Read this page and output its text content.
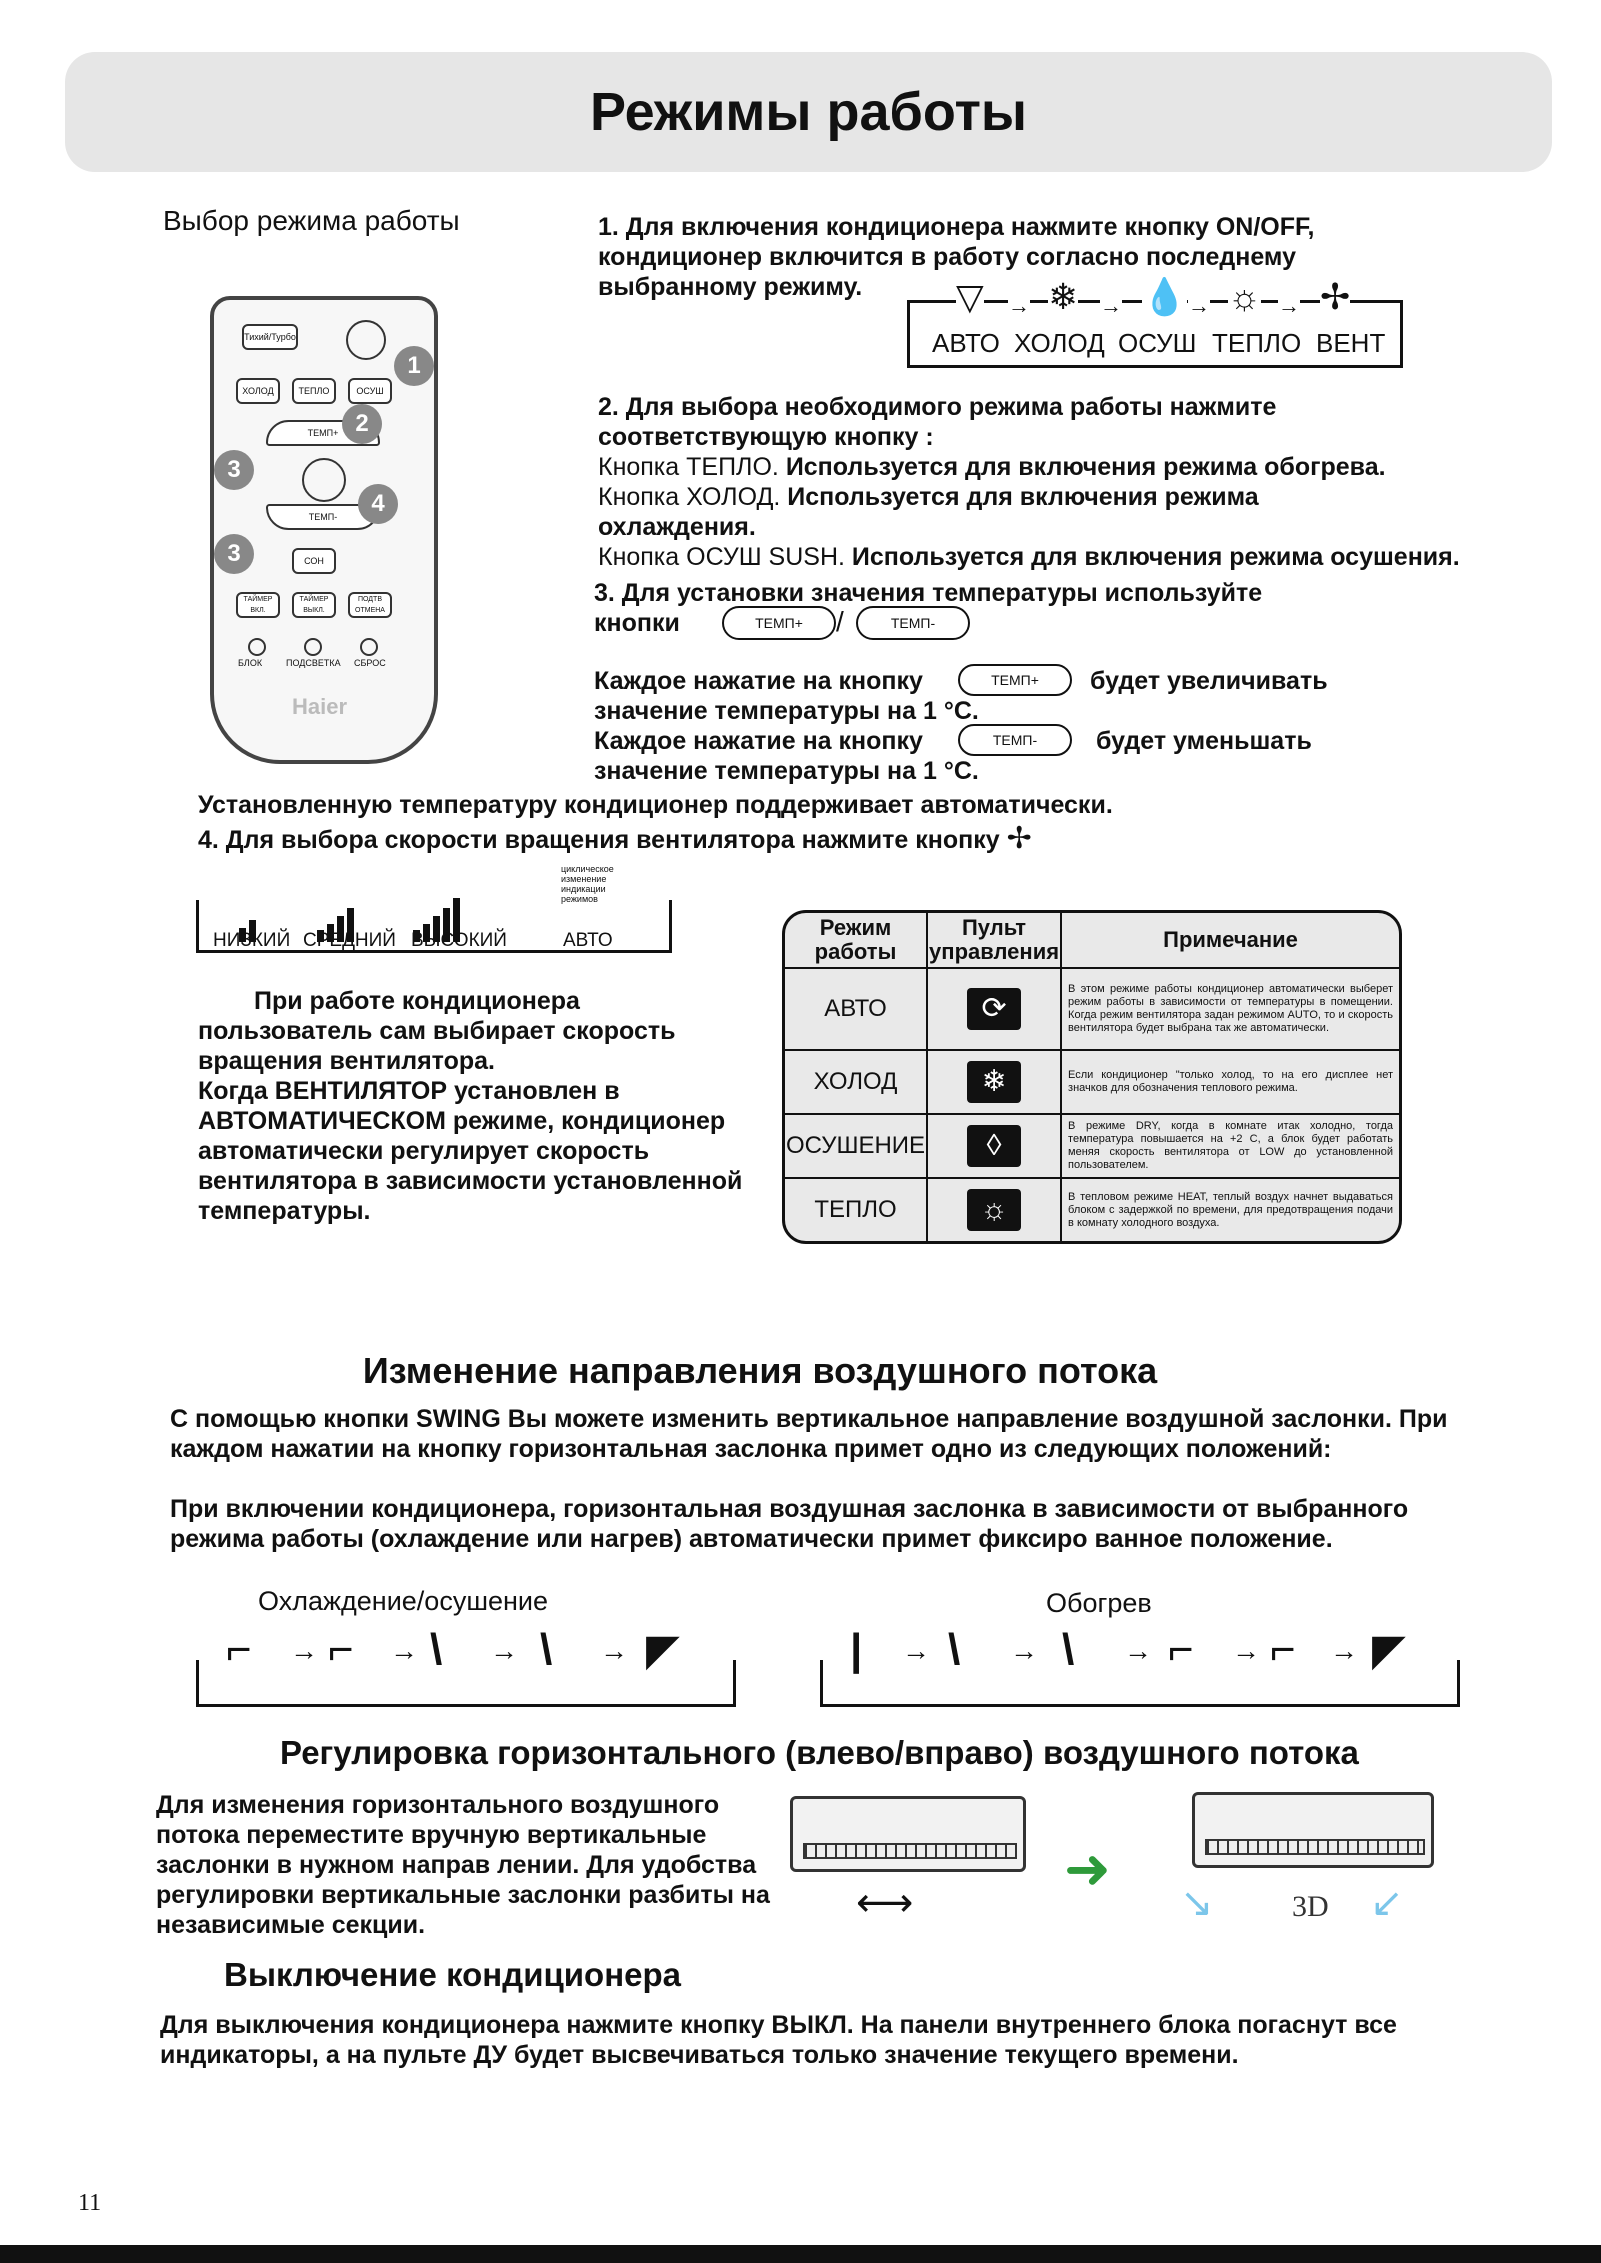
Режимы работы
Выбор режима работы
Тихий/Турбо
ХОЛОД	ТЕПЛО	ОСУШ
ТЕМП+
ТЕМП-
СОН
ТАЙМЕР ВКЛ.
ТАЙМЕР ВЫКЛ.
ПОДТВ ОТМЕНА
БЛОК	ПОДСВЕТКА СБРОС
Haier
1
2
3
4
3
1. Для включения кондиционера нажмите кнопку ON/OFF, кондиционер включится в работу согласно последнему выбранному режиму.	▽ → ❄ → 💧 → ☼ → ✢
АВТО ХОЛОД ОСУШ ТЕПЛО ВЕНТ
2. Для выбора необходимого режима работы нажмите соответствующую кнопку :
Кнопка ТЕПЛО. Используется для включения режима обогрева.
Кнопка ХОЛОД. Используется для включения режима охлаждения.
Кнопка ОСУШ SUSH. Используется для включения режима осушения.
3. Для установки значения температуры используйте кнопки	ТЕМП+	/	ТЕМП-
Каждое нажатие на кнопку	ТЕМП+	будет увеличивать значение температуры на 1 °C.
Каждое нажатие на кнопку	ТЕМП-	будет уменьшать значение температуры на 1 °C.
Установленную температуру кондиционер поддерживает автоматически.
4. Для выбора скорости вращения вентилятора нажмите кнопку ✢
циклическое изменение индикации режимов
НИЗКИЙ СРЕДНИЙ ВЫСОКИЙ	АВТО
При работе кондиционера пользователь сам выбирает скорость вращения вентилятора.
Когда ВЕНТИЛЯТОР установлен в АВТОМАТИЧЕСКОМ режиме, кондиционер автоматически регулирует скорость вентилятора в зависимости установленной температуры.
Режим работы	Пульт управления	Примечание
АВТО	⟳	В этом режиме работы кондиционер автоматически выберет режим работы в зависимости от температуры в помещении. Когда режим вентилятора задан режимом AUTO, то и скорость вентилятора будет выбрана так же автоматически.
ХОЛОД	❄	Если кондиционер "только холод, то на его дисплее нет значков для обозначения теплового режима.
ОСУШЕНИЕ	◊	В режиме DRY, когда в комнате итак холодно, тогда температура повышается на +2 С, а блок будет работать меняя скорость вентилятора от LOW до установленной пользователем.
ТЕПЛО	☼	В тепловом режиме HEAT, теплый воздух начнет выдаваться блоком с задержкой по времени, для предотвращения подачи в комнату холодного воздуха.
Изменение направления воздушного потока
С помощью кнопки SWING Вы можете изменить вертикальное направление воздушной заслонки. При каждом нажатии на кнопку горизонтальная заслонка примет одно из следующих положений:
При включении кондиционера, горизонтальная воздушная заслонка в зависимости от выбранного режима работы (охлаждение или нагрев) автоматически примет фиксиро ванное положение.
Охлаждение/осушение	Обогрев
⌐ → ⌐ → \ → \ → ◤	| → \ → \ → ⌐ → ⌐ → ◤
Регулировка горизонтального (влево/вправо) воздушного потока
Для изменения горизонтального воздушного потока переместите вручную вертикальные заслонки в нужном направ лении. Для удобства регулировки вертикальные заслонки разбиты на независимые секции.	⟷
➜
↘	↙
3D
Выключение кондиционера
Для выключения кондиционера нажмите кнопку ВЫКЛ. На панели внутреннего блока погаснут все индикаторы, а на пульте ДУ будет высвечиваться только значение текущего времени.
11
